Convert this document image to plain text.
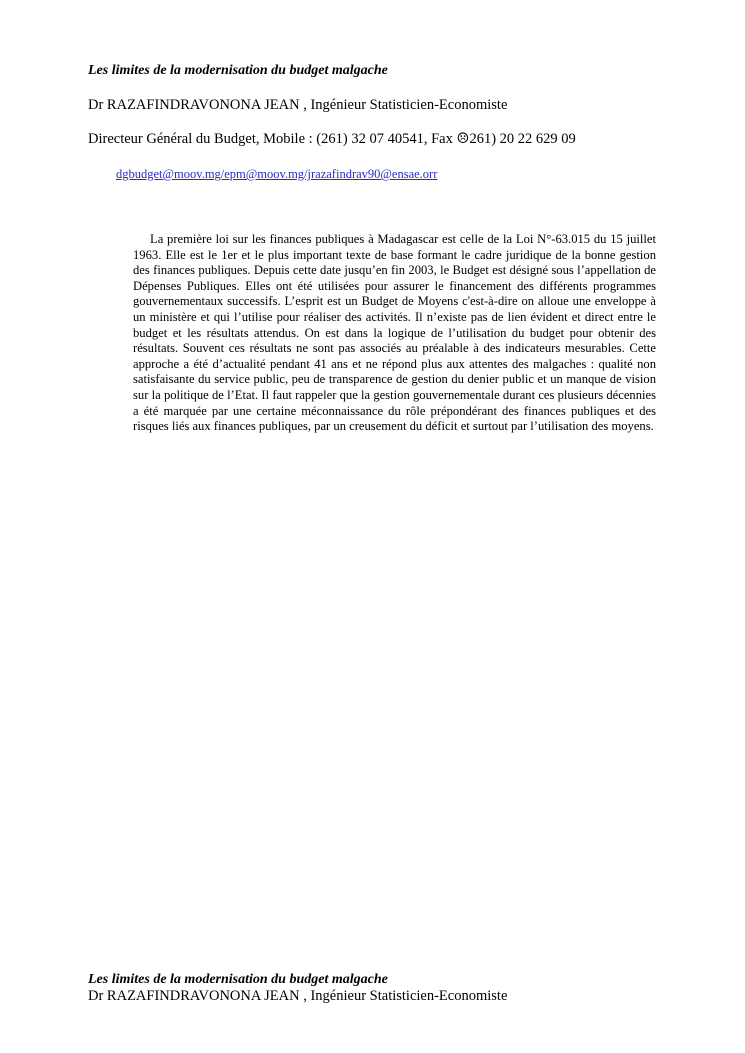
Les limites de la modernisation du budget malgache
Dr RAZAFINDRAVONONA JEAN , Ingénieur Statisticien-Economiste
Directeur Général du Budget, Mobile : (261) 32 07 40541, Fax ☹261) 20 22 629 09
dgbudget@moov.mg/epm@moov.mg/jrazafindrav90@ensae.orr

La première loi sur les finances publiques à Madagascar est celle de la Loi N°-63.015 du 15 juillet 1963. Elle est le 1er et le plus important texte de base formant le cadre juridique de la bonne gestion des finances publiques. Depuis cette date jusqu’en fin 2003, le Budget est désigné sous l’appellation de Dépenses Publiques. Elles ont été utilisées pour assurer le financement des différents programmes gouvernementaux successifs. L’esprit est un Budget de Moyens c'est-à-dire on alloue une enveloppe à un ministère et qui l’utilise pour réaliser des activités. Il n’existe pas de lien évident et direct entre le budget et les résultats attendus. On est dans la logique de l’utilisation du budget pour obtenir des résultats. Souvent ces résultats ne sont pas associés au préalable à des indicateurs mesurables. Cette approche a été d’actualité pendant 41 ans et ne répond plus aux attentes des malgaches : qualité non satisfaisante du service public, peu de transparence de gestion du denier public et un manque de vision sur la politique de l’Etat. Il faut rappeler que la gestion gouvernementale durant ces plusieurs décennies a été marquée par une certaine méconnaissance du rôle prépondérant des finances publiques et des risques liés aux finances publiques, par un creusement du déficit et surtout par l’utilisation des moyens.

Les limites de la modernisation du budget malgache
Dr RAZAFINDRAVONONA JEAN , Ingénieur Statisticien-Economiste
